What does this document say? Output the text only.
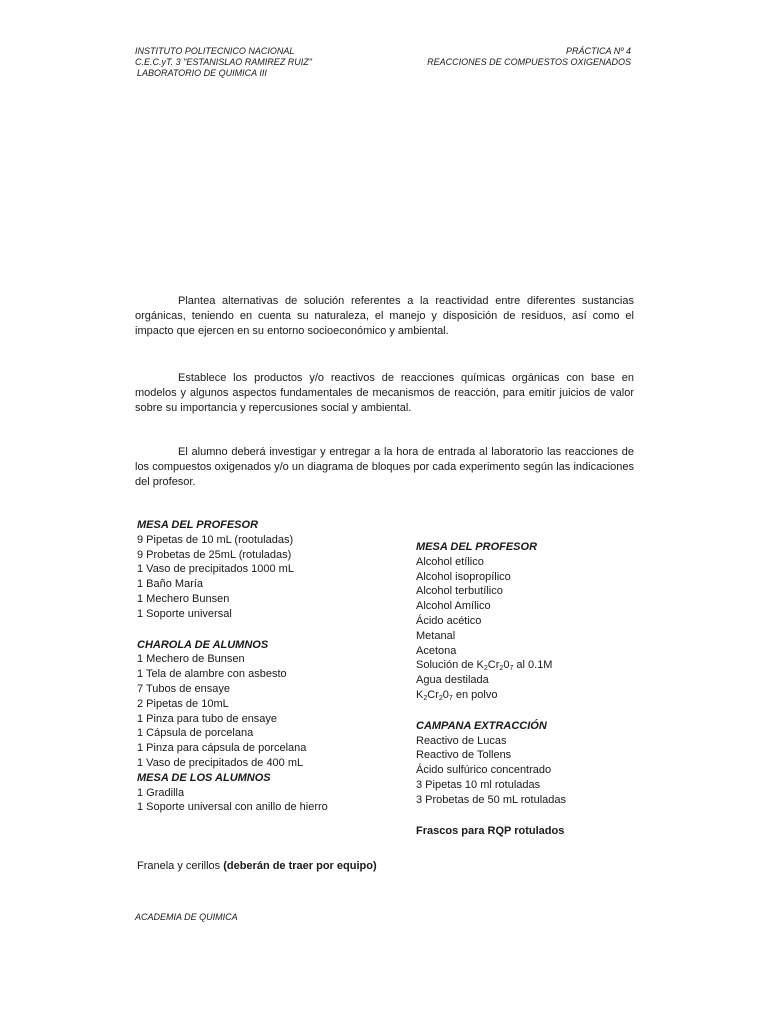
INSTITUTO POLITECNICO NACIONAL
C.E.C.yT. 3 "ESTANISLAO RAMIREZ RUIZ"
LABORATORIO DE QUIMICA III
PRÁCTICA Nº 4
REACCIONES DE COMPUESTOS OXIGENADOS

Plantea alternativas de solución referentes a la reactividad entre diferentes sustancias orgánicas, teniendo en cuenta su naturaleza, el manejo y disposición de residuos, así como el impacto que ejercen en su entorno socioeconómico y ambiental.

Establece los productos y/o reactivos de reacciones químicas orgánicas con base en modelos y algunos aspectos fundamentales de mecanismos de reacción, para emitir juicios de valor sobre su importancia y repercusiones social y ambiental.

El alumno deberá investigar y entregar a la hora de entrada al laboratorio las reacciones de los compuestos oxigenados y/o un diagrama de bloques por cada experimento según las indicaciones del profesor.

MESA DEL PROFESOR
9 Pipetas de 10 mL (rootuladas)
9 Probetas de 25mL (rotuladas)
1 Vaso de precipitados 1000 mL
1 Baño María
1 Mechero Bunsen
1 Soporte universal
CHAROLA DE ALUMNOS
1 Mechero de Bunsen
1 Tela de alambre con asbesto
7 Tubos de ensaye
2 Pipetas de 10mL
1 Pinza para tubo de ensaye
1 Cápsula de porcelana
1 Pinza para cápsula de porcelana
1 Vaso de precipitados de 400 mL
MESA DE LOS ALUMNOS
1 Gradilla
1 Soporte universal con anillo de hierro
MESA DEL PROFESOR
Alcohol etílico
Alcohol isopropílico
Alcohol terbutílico
Alcohol Amílico
Ácido acético
Metanal
Acetona
Solución de $K_2Cr_20_7$ al 0.1M
Agua destilada
$K_2Cr_20_7$ en polvo
CAMPANA EXTRACCIÓN
Reactivo de Lucas
Reactivo de Tollens
Ácido sulfúrico concentrado
3 Pipetas 10 ml rotuladas
3 Probetas de 50 mL rotuladas
Frascos para RQP rotulados
Franela y cerillos (deberán de traer por equipo)
ACADEMIA DE QUIMICA
